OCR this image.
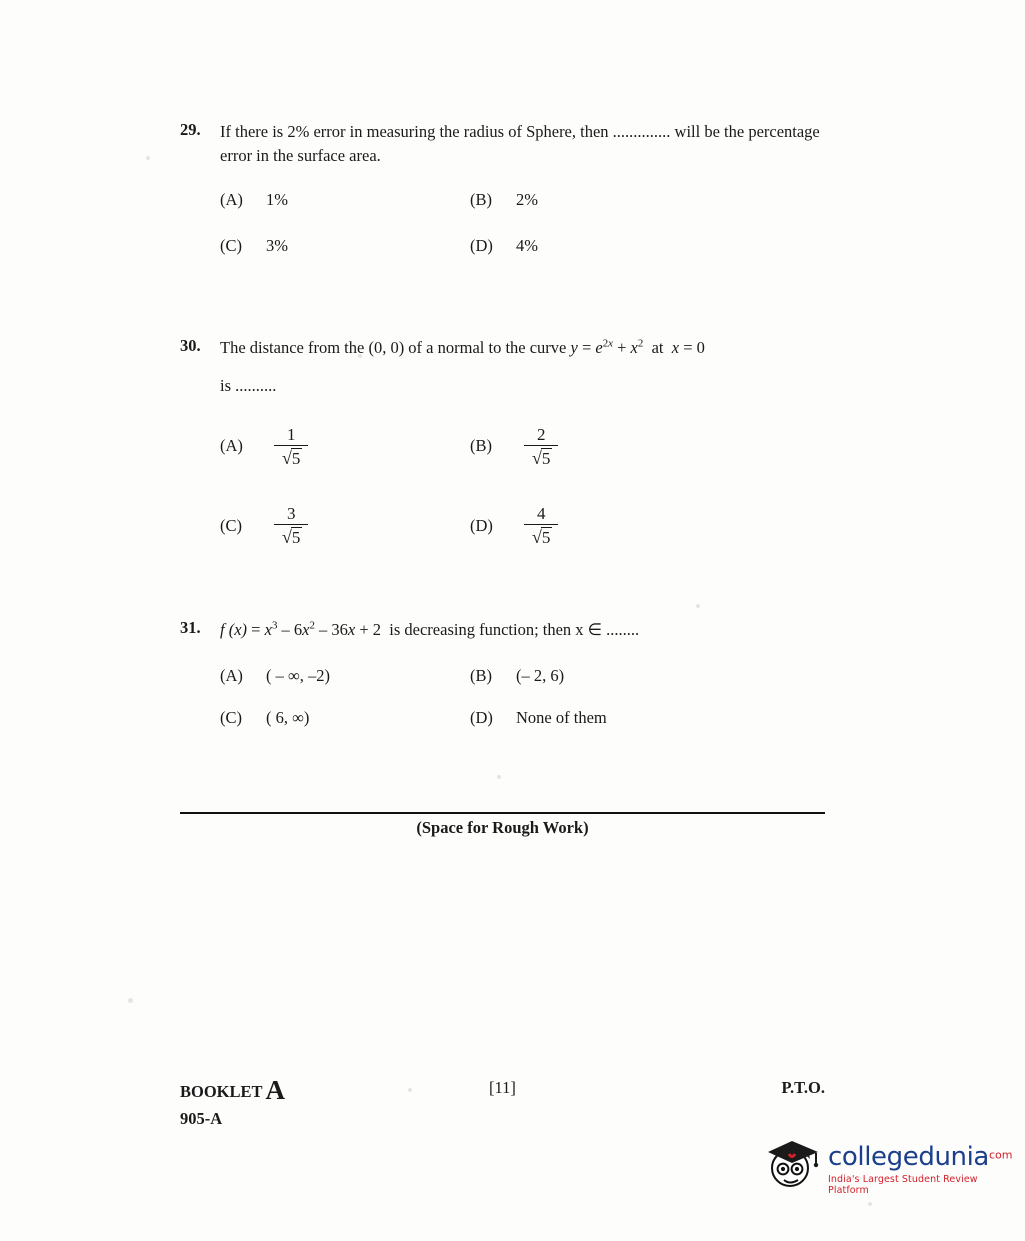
29.	If there is 2% error in measuring the radius of Sphere, then .............. will be the percentage error in the surface area.
(A)	1%	(B)	2%
(C)	3%	(D)	4%
30.	The distance from the (0, 0) of a normal to the curve $y = e^{2x} + x^2$  at  x = 0
is ..........
(A)	$\frac{1}{√5}$	(B)	$\frac{2}{√5}$
(C)	$\frac{3}{√5}$	(D)	$\frac{4}{√5}$
31.	f $(x) = x^3 - 6x^2 - 36x + 2$  is decreasing function; then x ∈ ........
(A)	( – ∞, –2)	(B)	(– 2, 6)
(C)	( 6, ∞)	(D)	None of them
(Space for Rough Work)
BOOKLET A
905-A
[11]	P.T.O.
collegedunia$^{com}$
India's Largest Student Review Platform
